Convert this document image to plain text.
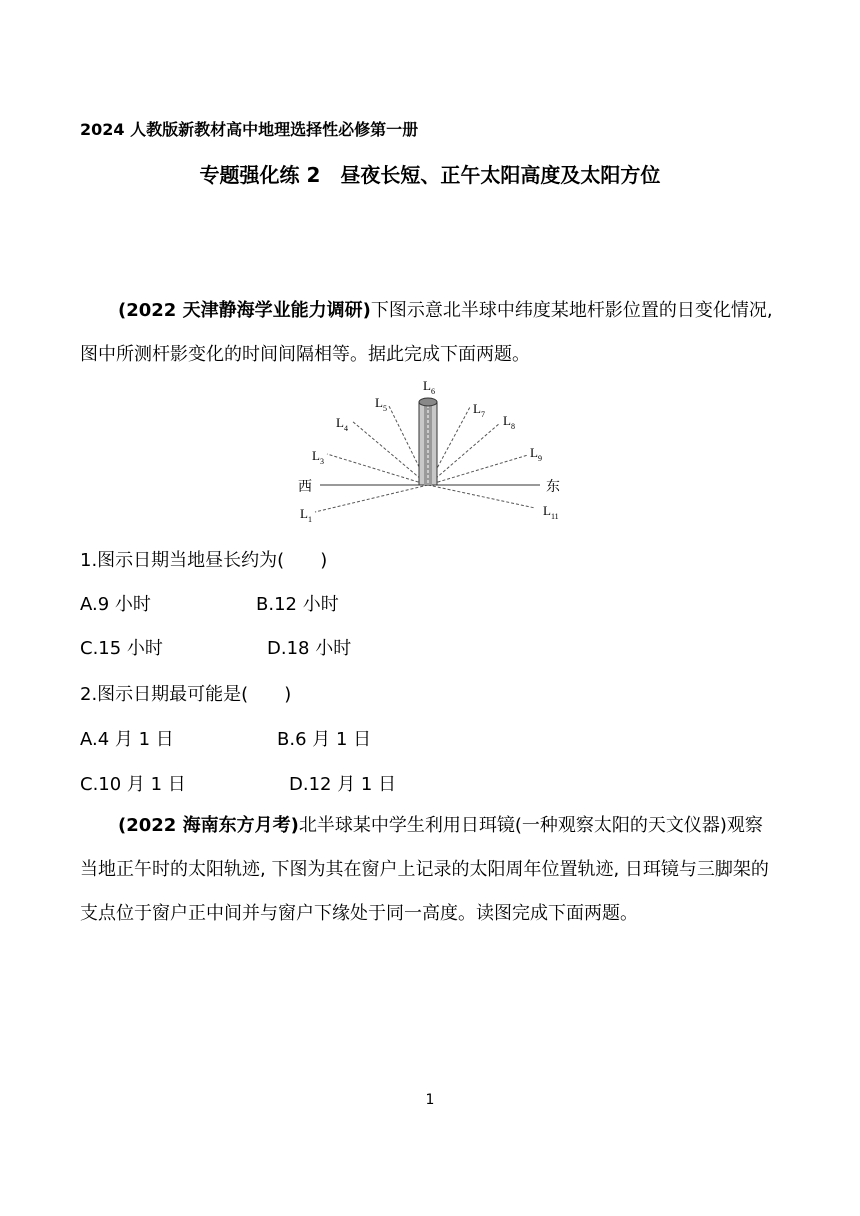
2024 人教版新教材高中地理选择性必修第一册
专题强化练 2　昼夜长短、正午太阳高度及太阳方位
(2022 天津静海学业能力调研)下图示意北半球中纬度某地杆影位置的日变化情况, 图中所测杆影变化的时间间隔相等。据此完成下面两题。
西	东
$L_1$
$L_3$
$L_4$
$L_5$
$L_6$
$L_7$ $L_8$
$L_9$
$L_{11}$
1.图示日期当地昼长约为(　　)
A.9 小时	B.12 小时
C.15 小时	D.18 小时
2.图示日期最可能是(　　)
A.4 月 1 日	B.6 月 1 日
C.10 月 1 日	D.12 月 1 日
(2022 海南东方月考)北半球某中学生利用日珥镜(一种观察太阳的天文仪器)观察当地正午时的太阳轨迹, 下图为其在窗户上记录的太阳周年位置轨迹, 日珥镜与三脚架的支点位于窗户正中间并与窗户下缘处于同一高度。读图完成下面两题。
1
